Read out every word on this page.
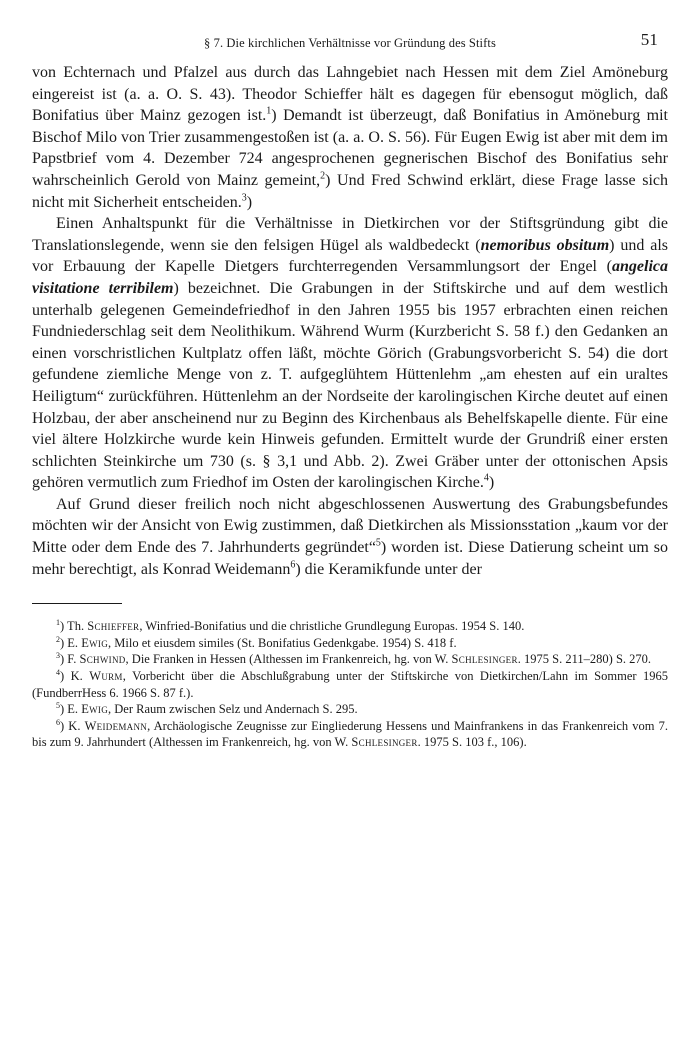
§ 7. Die kirchlichen Verhältnisse vor Gründung des Stifts	51

von Echternach und Pfalzel aus durch das Lahngebiet nach Hessen mit dem Ziel Amöneburg eingereist ist (a. a. O. S. 43). Theodor Schieffer hält es dagegen für ebensogut möglich, daß Bonifatius über Mainz gezogen ist.$^1$) Demandt ist überzeugt, daß Bonifatius in Amöneburg mit Bischof Milo von Trier zusammengestoßen ist (a. a. O. S. 56). Für Eugen Ewig ist aber mit dem im Papstbrief vom 4. Dezember 724 angesprochenen gegnerischen Bischof des Bonifatius sehr wahrscheinlich Gerold von Mainz gemeint,$^2$) Und Fred Schwind erklärt, diese Frage lasse sich nicht mit Sicherheit entscheiden.$^3$)

Einen Anhaltspunkt für die Verhältnisse in Dietkirchen vor der Stiftsgründung gibt die Translationslegende, wenn sie den felsigen Hügel als waldbedeckt (nemoribus obsitum) und als vor Erbauung der Kapelle Dietgers furchterregenden Versammlungsort der Engel (angelica visitatione terribilem) bezeichnet. Die Grabungen in der Stiftskirche und auf dem westlich unterhalb gelegenen Gemeindefriedhof in den Jahren 1955 bis 1957 erbrachten einen reichen Fundniederschlag seit dem Neolithikum. Während Wurm (Kurzbericht S. 58 f.) den Gedanken an einen vorschristlichen Kultplatz offen läßt, möchte Görich (Grabungsvorbericht S. 54) die dort gefundene ziemliche Menge von z. T. aufgeglühtem Hüttenlehm „am ehesten auf ein uraltes Heiligtum“ zurückführen. Hüttenlehm an der Nordseite der karolingischen Kirche deutet auf einen Holzbau, der aber anscheinend nur zu Beginn des Kirchenbaus als Behelfskapelle diente. Für eine viel ältere Holzkirche wurde kein Hinweis gefunden. Ermittelt wurde der Grundriß einer ersten schlichten Steinkirche um 730 (s. § 3,1 und Abb. 2). Zwei Gräber unter der ottonischen Apsis gehören vermutlich zum Friedhof im Osten der karolingischen Kirche.$^4$)

Auf Grund dieser freilich noch nicht abgeschlossenen Auswertung des Grabungsbefundes möchten wir der Ansicht von Ewig zustimmen, daß Dietkirchen als Missionsstation „kaum vor der Mitte oder dem Ende des 7. Jahrhunderts gegründet“$^5$) worden ist. Diese Datierung scheint um so mehr berechtigt, als Konrad Weidemann$^6$) die Keramikfunde unter der

$^1$) Th. Schieffer, Winfried-Bonifatius und die christliche Grundlegung Europas. 1954 S. 140.

$^2$) E. Ewig, Milo et eiusdem similes (St. Bonifatius Gedenkgabe. 1954) S. 418 f.

$^3$) F. Schwind, Die Franken in Hessen (Althessen im Frankenreich, hg. von W. Schlesinger. 1975 S. 211–280) S. 270.

$^4$) K. Wurm, Vorbericht über die Abschlußgrabung unter der Stiftskirche von Dietkirchen/Lahn im Sommer 1965 (FundberrHess 6. 1966 S. 87 f.).

$^5$) E. Ewig, Der Raum zwischen Selz und Andernach S. 295.

$^6$) K. Weidemann, Archäologische Zeugnisse zur Eingliederung Hessens und Mainfrankens in das Frankenreich vom 7. bis zum 9. Jahrhundert (Althessen im Frankenreich, hg. von W. Schlesinger. 1975 S. 103 f., 106).
